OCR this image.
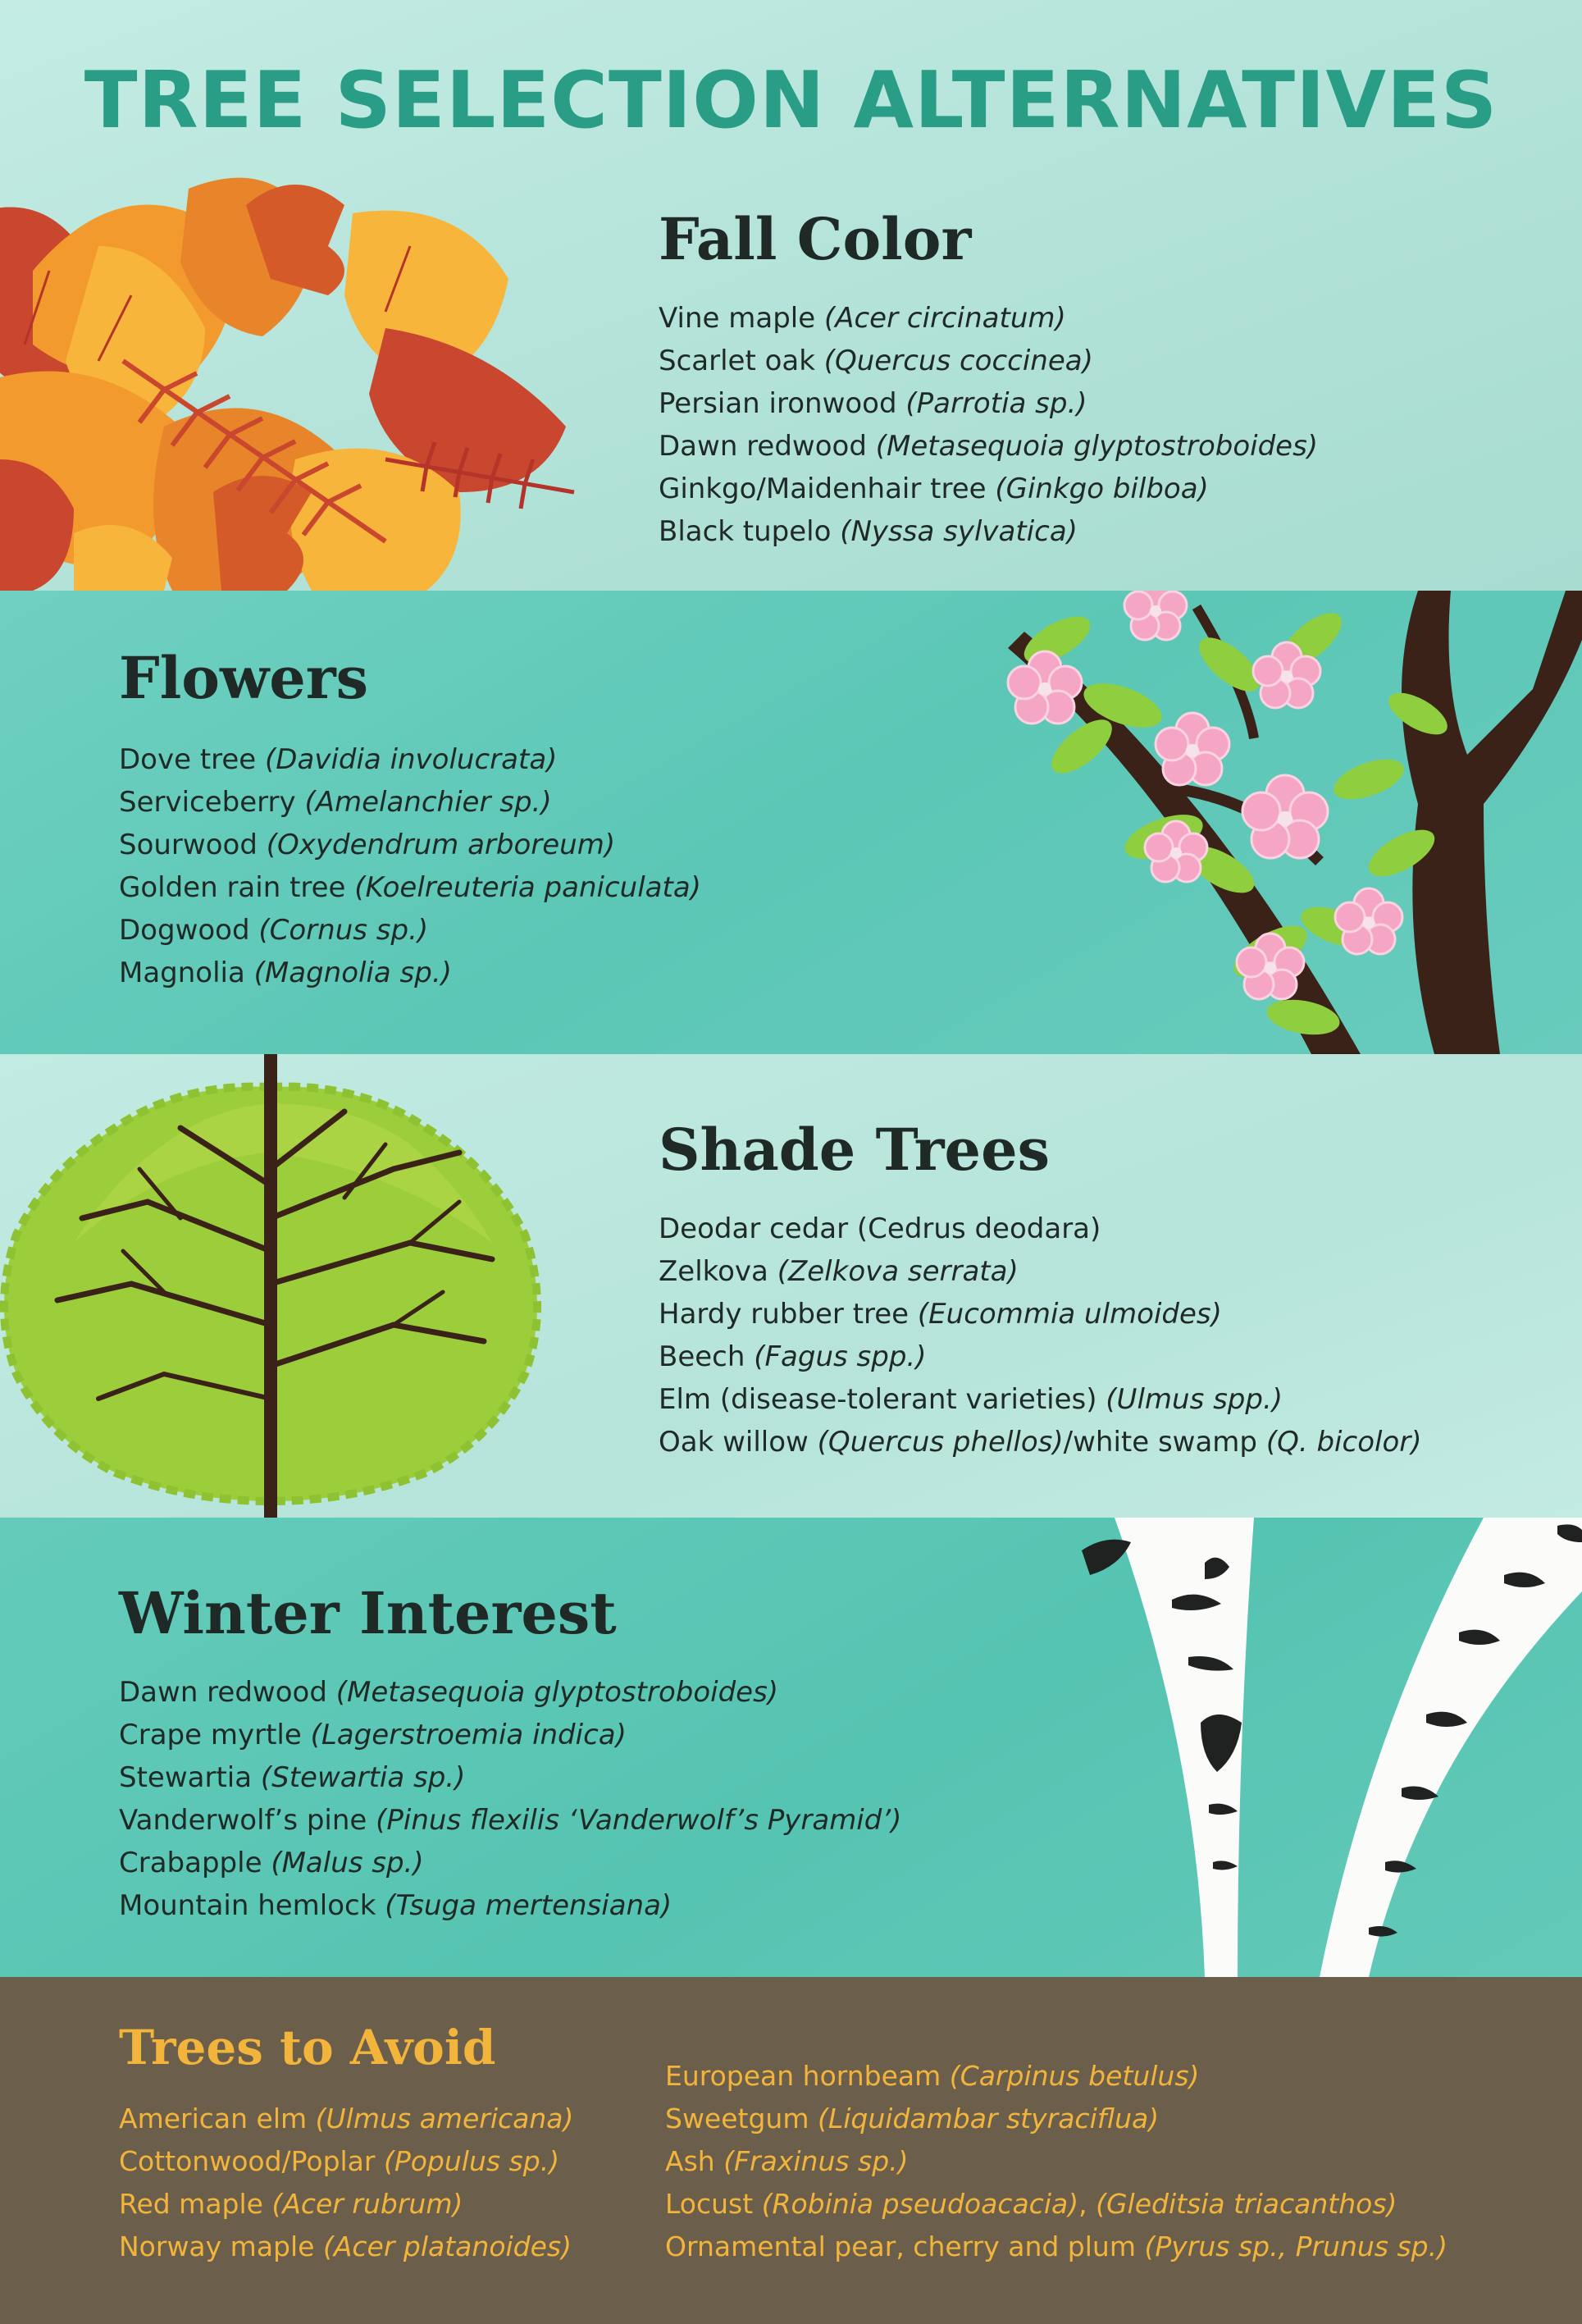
TREE SELECTION ALTERNATIVES
Fall Color
Vine maple (Acer circinatum)
Scarlet oak (Quercus coccinea)
Persian ironwood (Parrotia sp.)
Dawn redwood (Metasequoia glyptostroboides)
Ginkgo/Maidenhair tree (Ginkgo bilboa)
Black tupelo (Nyssa sylvatica)
Flowers
Dove tree (Davidia involucrata)
Serviceberry (Amelanchier sp.)
Sourwood (Oxydendrum arboreum)
Golden rain tree (Koelreuteria paniculata)
Dogwood (Cornus sp.)
Magnolia (Magnolia sp.)
Shade Trees
Deodar cedar (Cedrus deodara)
Zelkova (Zelkova serrata)
Hardy rubber tree (Eucommia ulmoides)
Beech (Fagus spp.)
Elm (disease-tolerant varieties) (Ulmus spp.)
Oak willow (Quercus phellos)/white swamp (Q. bicolor)
Winter Interest
Dawn redwood (Metasequoia glyptostroboides)
Crape myrtle (Lagerstroemia indica)
Stewartia (Stewartia sp.)
Vanderwolf’s pine (Pinus flexilis ‘Vanderwolf’s Pyramid’)
Crabapple (Malus sp.)
Mountain hemlock (Tsuga mertensiana)
Trees to Avoid
American elm (Ulmus americana)
Cottonwood/Poplar (Populus sp.)
Red maple (Acer rubrum)
Norway maple (Acer platanoides)
European hornbeam (Carpinus betulus)
Sweetgum (Liquidambar styraciflua)
Ash (Fraxinus sp.)
Locust (Robinia pseudoacacia), (Gleditsia triacanthos)
Ornamental pear, cherry and plum (Pyrus sp., Prunus sp.)
